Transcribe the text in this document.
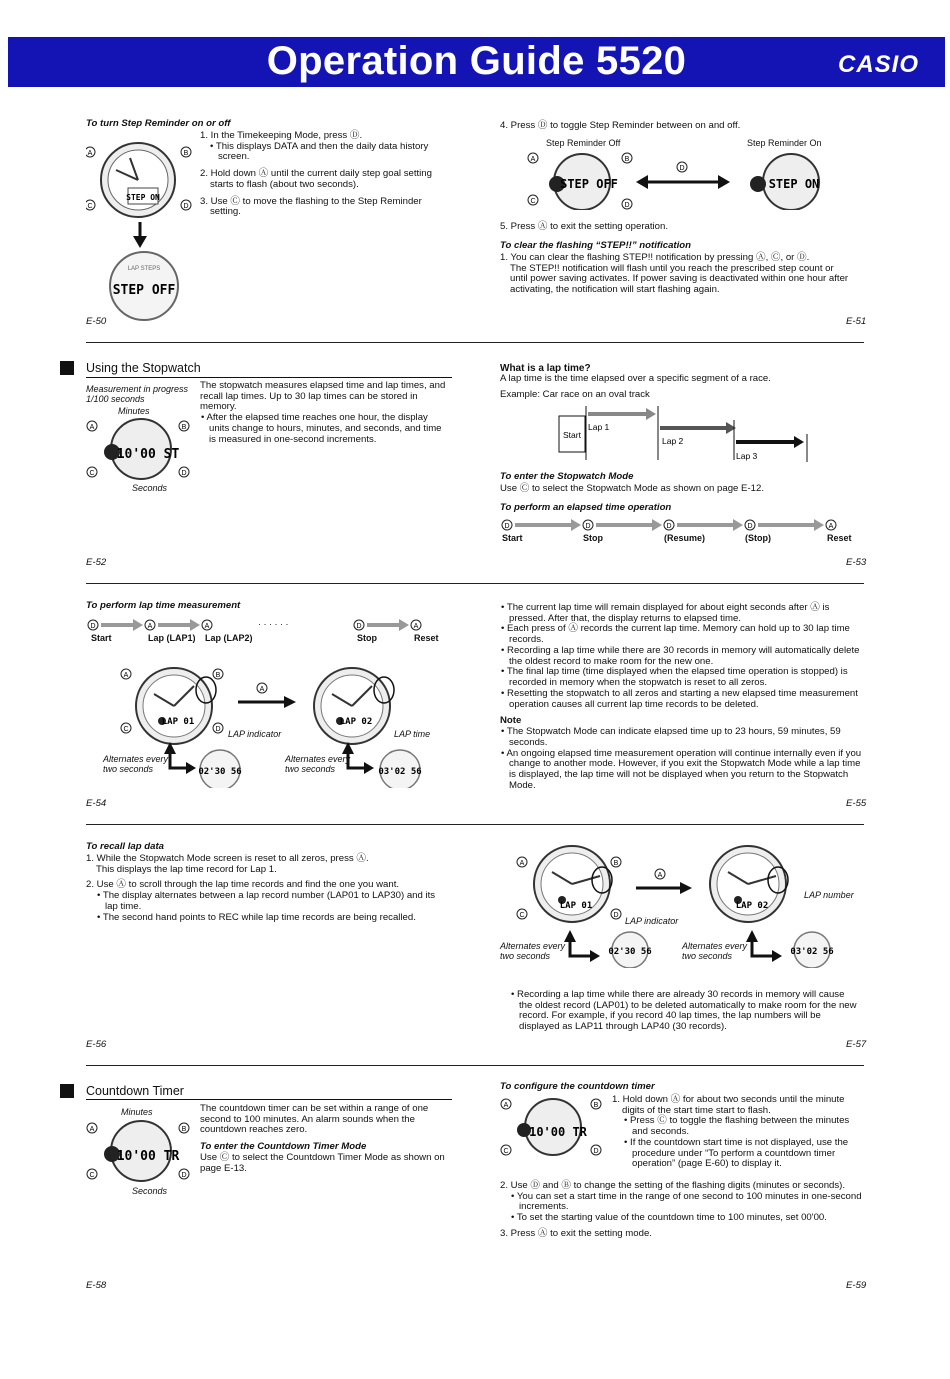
Operation Guide 5520	CASIO
To turn Step Reminder on or off
STEP ON
A	B
C	D
LAP STEPS
STEP OFF

1. In the Timekeeping Mode, press Ⓓ.

• This displays DATA and then the daily data history screen.

2. Hold down Ⓐ until the current daily step goal setting starts to flash (about two seconds).

3. Use Ⓒ to move the flashing to the Step Reminder setting.

E-50
4. Press Ⓓ to toggle Step Reminder between on and off.
Step Reminder Off	Step Reminder On
STEP OFF
A	B
C
D
D
STEP ON
5. Press Ⓐ to exit the setting operation.
To clear the flashing “STEP!!” notification

1. You can clear the flashing STEP!! notification by pressing Ⓐ, Ⓒ, or Ⓓ.

The STEP!! notification will flash until you reach the prescribed step count or until power saving activates. If power saving is deactivated within one hour after activating, the notification will start flashing again.

E-51
Using the Stopwatch

Measurement in progress

1/100 seconds

Minutes
Seconds
10'00 ST
A	B
C	D

The stopwatch measures elapsed time and lap times, and recall lap times. Up to 30 lap times can be stored in memory.

• After the elapsed time reaches one hour, the display units change to hours, minutes, and seconds, and time is measured in one-second increments.

E-52
What is a lap time?
A lap time is the time elapsed over a specific segment of a race.
Example: Car race on an oval track
Start
Lap 1
Lap 2
Lap 3
To enter the Stopwatch Mode
Use Ⓒ to select the Stopwatch Mode as shown on page E-12.
To perform an elapsed time operation
D	D	D	D	A
Start	Stop	(Resume)	(Stop)	Reset
E-53
To perform lap time measurement
D	A	A	D	A
· · · · · ·
Start	Lap (LAP1) Lap (LAP2)	Stop	Reset
LAP 01
A	B
C	D
A
LAP 02
02'30 56	03'02 56
LAP indicator	LAP time

Alternates every

two seconds

Alternates every

two seconds

E-54

• The current lap time will remain displayed for about eight seconds after Ⓐ is pressed. After that, the display returns to elapsed time.

• Each press of Ⓐ records the current lap time. Memory can hold up to 30 lap time records.

• Recording a lap time while there are 30 records in memory will automatically delete the oldest record to make room for the new one.

• The final lap time (time displayed when the elapsed time operation is stopped) is recorded in memory when the stopwatch is reset to all zeros.

• Resetting the stopwatch to all zeros and starting a new elapsed time measurement operation causes all current lap time records to be deleted.

Note

• The Stopwatch Mode can indicate elapsed time up to 23 hours, 59 minutes, 59 seconds.

• An ongoing elapsed time measurement operation will continue internally even if you change to another mode. However, if you exit the Stopwatch Mode while a lap time is displayed, the lap time will not be displayed when you return to the Stopwatch Mode.

E-55
To recall lap data

1. While the Stopwatch Mode screen is reset to all zeros, press Ⓐ.

This displays the lap time record for Lap 1.

2. Use Ⓐ to scroll through the lap time records and find the one you want.

• The display alternates between a lap record number (LAP01 to LAP30) and its lap time.

• The second hand points to REC while lap time records are being recalled.

E-56
LAP 01
A	B
C	D
A
LAP 02
02'30 56	03'02 56
LAP number
LAP indicator

Alternates every

two seconds

Alternates every

two seconds

• Recording a lap time while there are already 30 records in memory will cause the oldest record (LAP01) to be deleted automatically to make room for the new record. For example, if you record 40 lap times, the lap numbers will be displayed as LAP11 through LAP40 (30 records).

E-57
Countdown Timer
Minutes
Seconds
10'00 TR
A	B
C	D

The countdown timer can be set within a range of one second to 100 minutes. An alarm sounds when the countdown reaches zero.

To enter the Countdown Timer Mode

Use Ⓒ to select the Countdown Timer Mode as shown on page E-13.

E-58
To configure the countdown timer
10'00 TR
A	B
C	D

1. Hold down Ⓐ for about two seconds until the minute digits of the start time start to flash.

• Press Ⓒ to toggle the flashing between the minutes and seconds.

• If the countdown start time is not displayed, use the procedure under “To perform a countdown timer operation” (page E-60) to display it.

2. Use Ⓓ and Ⓑ to change the setting of the flashing digits (minutes or seconds).

• You can set a start time in the range of one second to 100 minutes in one-second increments.

• To set the starting value of the countdown time to 100 minutes, set 00'00.

3. Press Ⓐ to exit the setting mode.

E-59
